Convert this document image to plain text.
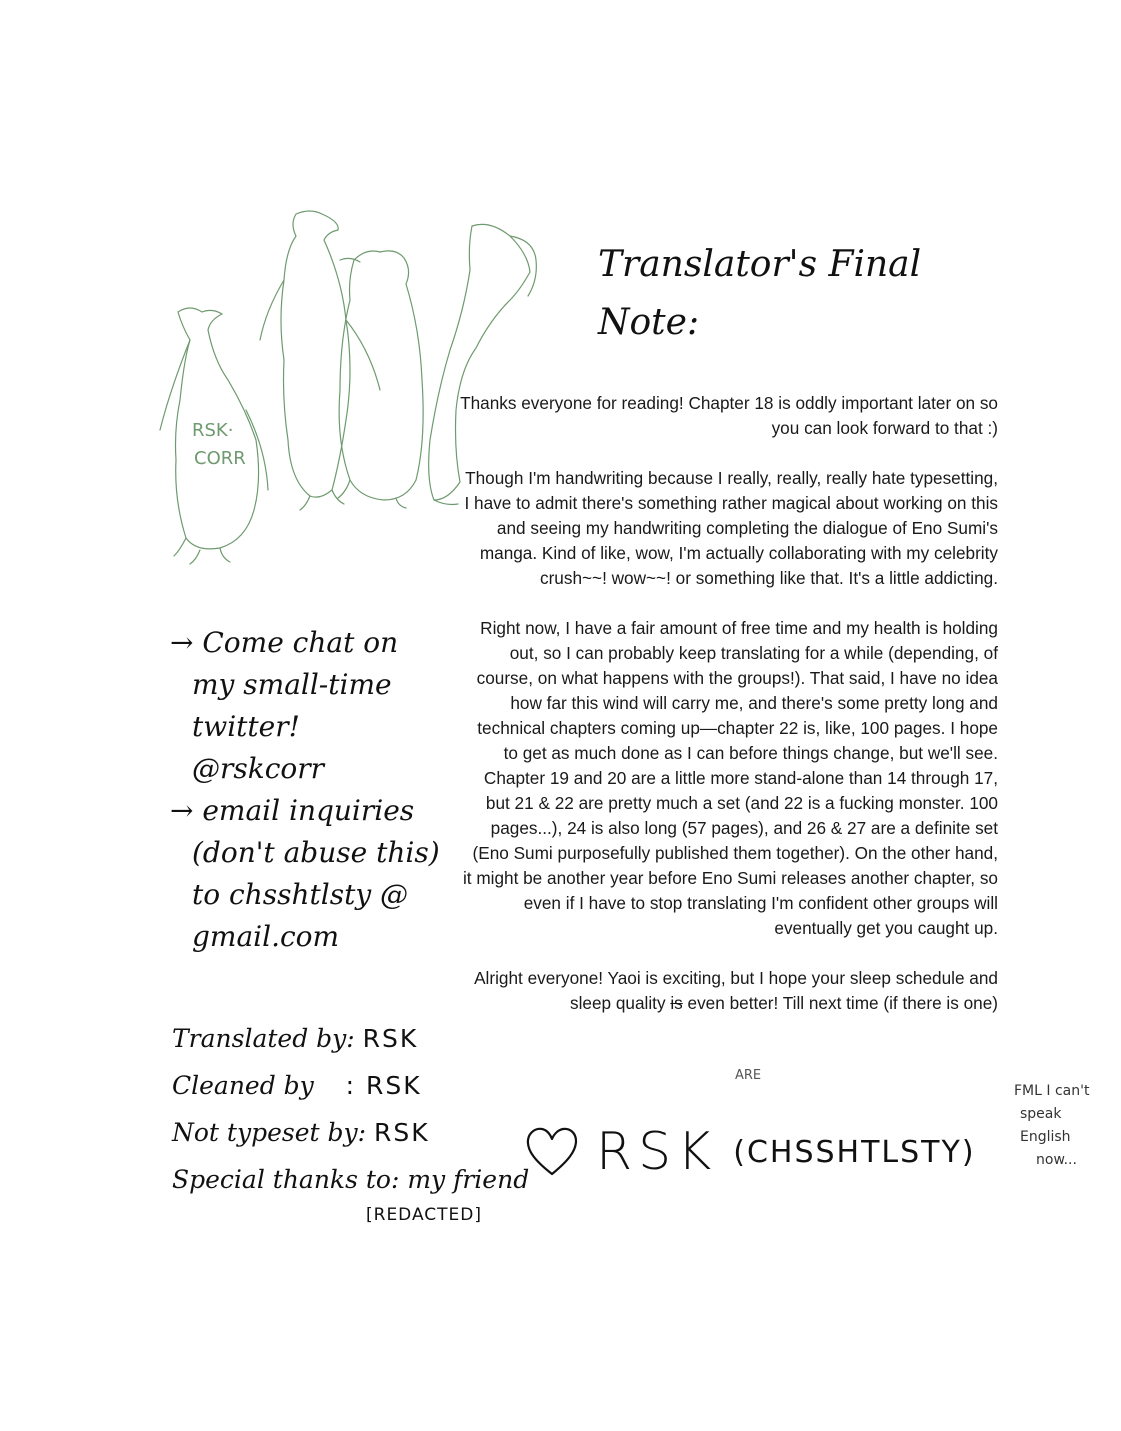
RSK·
CORR
Translator's Final
Note:

Thanks everyone for reading! Chapter 18 is oddly important later on so you can look forward to that :)

Though I'm handwriting because I really, really, really hate typesetting, I have to admit there's something rather magical about working on this and seeing my handwriting completing the dialogue of Eno Sumi's manga. Kind of like, wow, I'm actually collaborating with my celebrity crush~~! wow~~! or something like that. It's a little addicting.

Right now, I have a fair amount of free time and my health is holding out, so I can probably keep translating for a while (depending, of course, on what happens with the groups!). That said, I have no idea how far this wind will carry me, and there's some pretty long and technical chapters coming up—chapter 22 is, like, 100 pages. I hope to get as much done as I can before things change, but we'll see. Chapter 19 and 20 are a little more stand-alone than 14 through 17, but 21 & 22 are pretty much a set (and 22 is a fucking monster. 100 pages...), 24 is also long (57 pages), and 26 & 27 are a definite set (Eno Sumi purposefully published them together). On the other hand, it might be another year before Eno Sumi releases another chapter, so even if I have to stop translating I'm confident other groups will eventually get you caught up.

Alright everyone! Yaoi is exciting, but I hope your sleep schedule and sleep quality is even better! Till next time (if there is one)

ARE
→ Come chat on
my small-time
twitter!
@rskcorr
→ email inquiries
(don't abuse this)
to chsshtlsty @
gmail.com
Translated by: RSK
Cleaned by : RSK
Not typeset by: RSK
Special thanks to: my friend
[REDACTED]
RSK (CHSSHTLSTY)
FML I can't
speak
English
now...
